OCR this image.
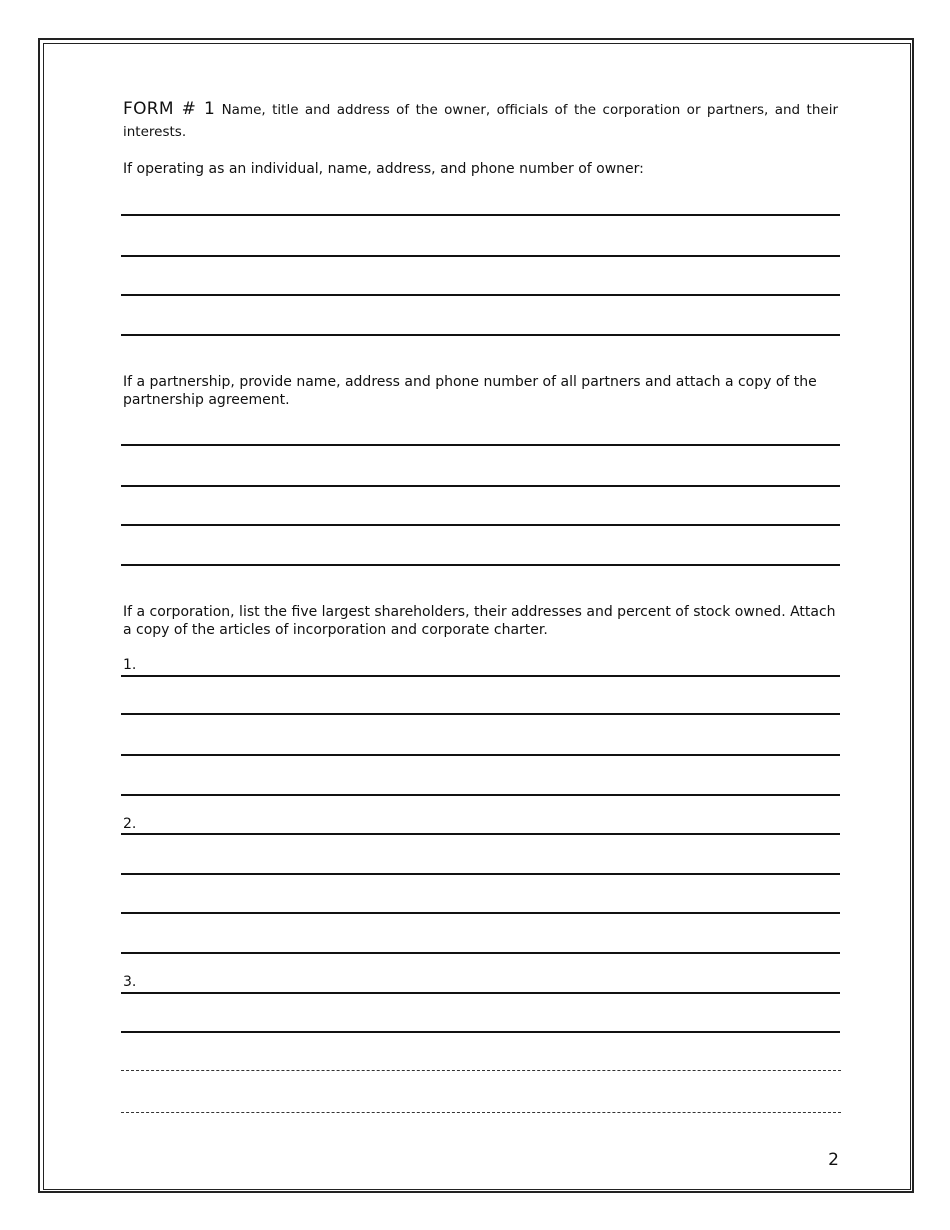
FORM # 1 Name, title and address of the owner, officials of the corporation or partners, and their interests.
If operating as an individual, name, address, and phone number of owner:
If a partnership, provide name, address and phone number of all partners and attach a copy of the partnership agreement.
If a corporation, list the five largest shareholders, their addresses and percent of stock owned. Attach a copy of the articles of incorporation and corporate charter.
1.
2.
3.
2
